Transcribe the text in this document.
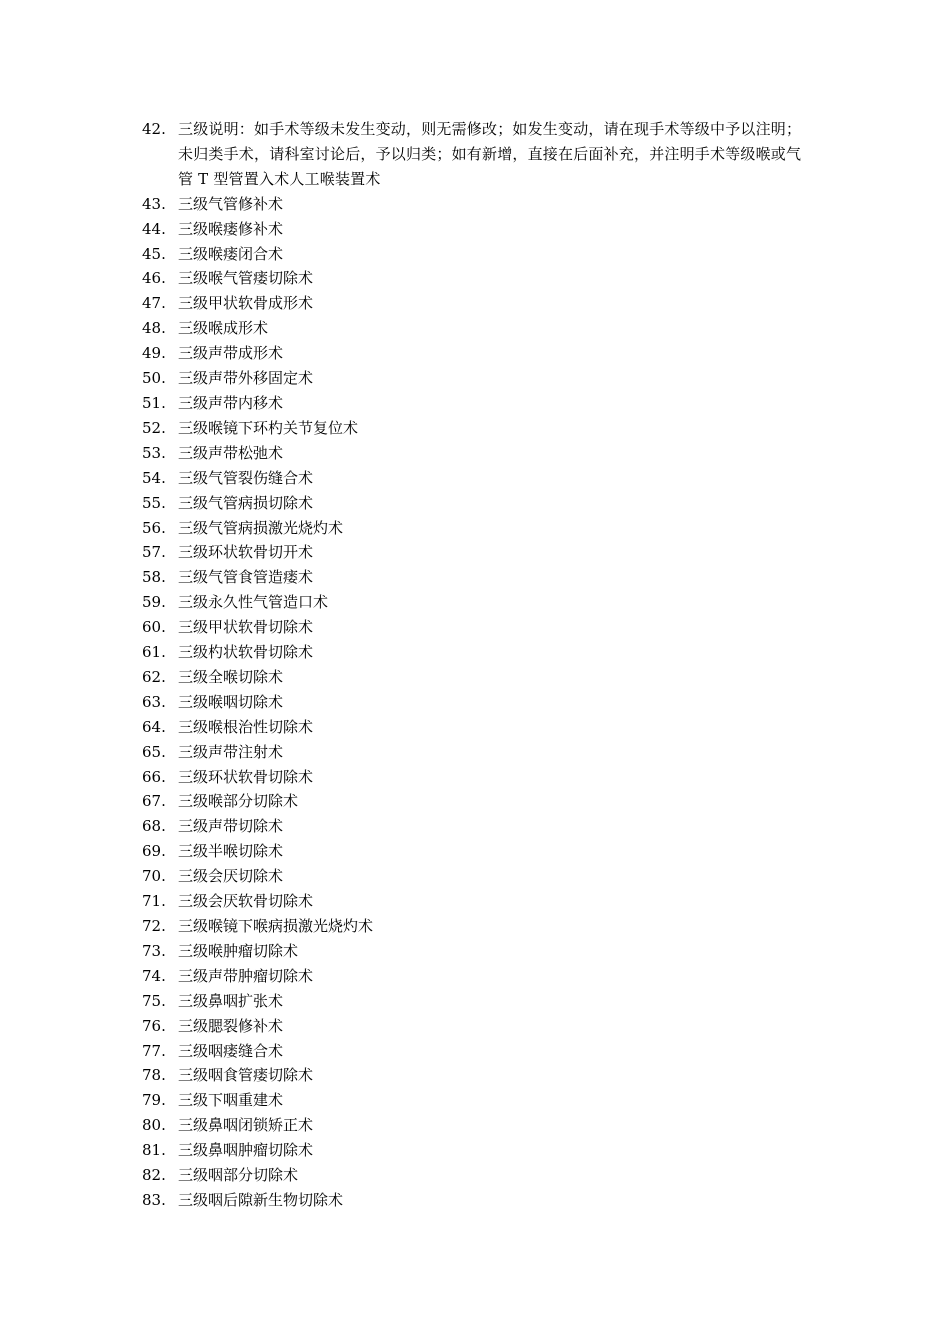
42. 三级说明：如手术等级未发生变动，则无需修改；如发生变动，请在现手术等级中予以注明；未归类手术，请科室讨论后，予以归类；如有新增，直接在后面补充，并注明手术等级喉或气管 T 型管置入术人工喉装置术
43. 三级气管修补术
44. 三级喉瘘修补术
45. 三级喉瘘闭合术
46. 三级喉气管瘘切除术
47. 三级甲状软骨成形术
48. 三级喉成形术
49. 三级声带成形术
50. 三级声带外移固定术
51. 三级声带内移术
52. 三级喉镜下环杓关节复位术
53. 三级声带松弛术
54. 三级气管裂伤缝合术
55. 三级气管病损切除术
56. 三级气管病损激光烧灼术
57. 三级环状软骨切开术
58. 三级气管食管造瘘术
59. 三级永久性气管造口术
60. 三级甲状软骨切除术
61. 三级杓状软骨切除术
62. 三级全喉切除术
63. 三级喉咽切除术
64. 三级喉根治性切除术
65. 三级声带注射术
66. 三级环状软骨切除术
67. 三级喉部分切除术
68. 三级声带切除术
69. 三级半喉切除术
70. 三级会厌切除术
71. 三级会厌软骨切除术
72. 三级喉镜下喉病损激光烧灼术
73. 三级喉肿瘤切除术
74. 三级声带肿瘤切除术
75. 三级鼻咽扩张术
76. 三级腮裂修补术
77. 三级咽瘘缝合术
78. 三级咽食管瘘切除术
79. 三级下咽重建术
80. 三级鼻咽闭锁矫正术
81. 三级鼻咽肿瘤切除术
82. 三级咽部分切除术
83. 三级咽后隙新生物切除术
